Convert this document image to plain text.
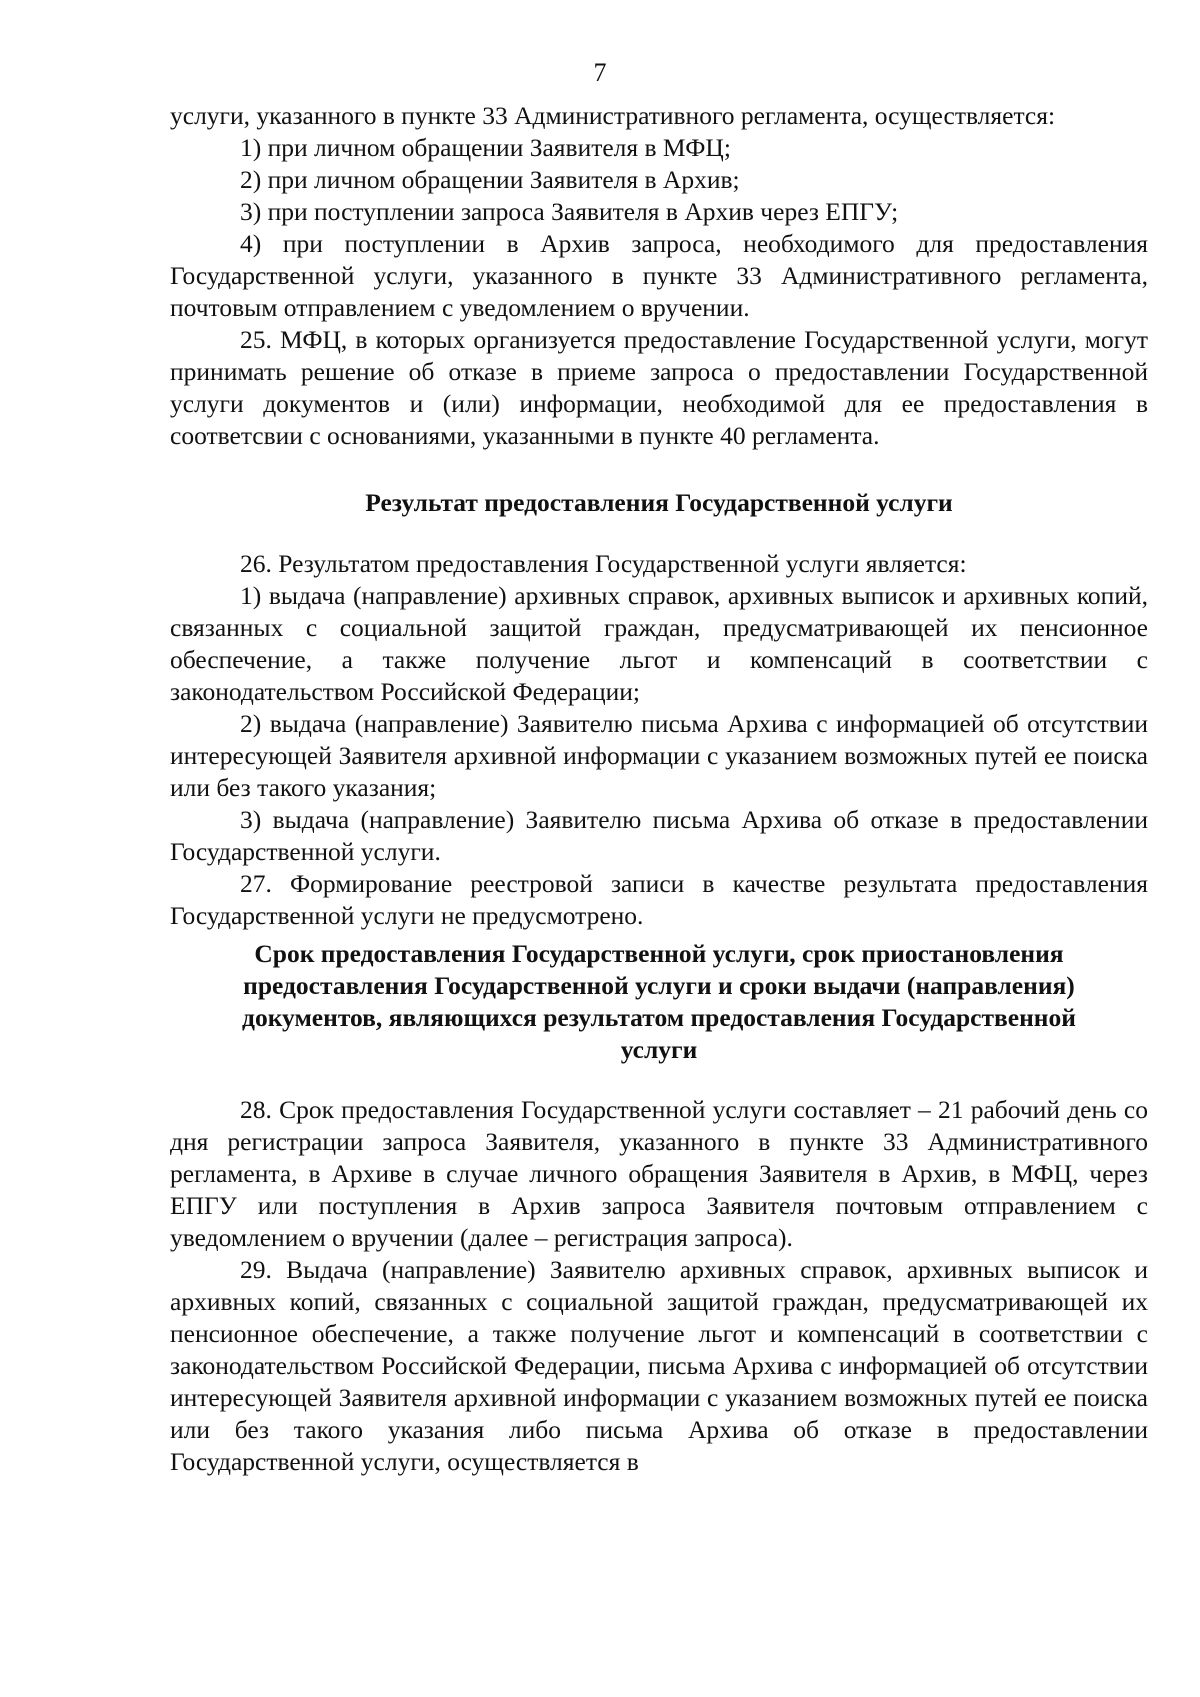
7

услуги, указанного в пункте 33 Административного регламента, осуществляется:

1) при личном обращении Заявителя в МФЦ;

2) при личном обращении Заявителя в Архив;

3) при поступлении запроса Заявителя в Архив через ЕПГУ;

4) при поступлении в Архив запроса, необходимого для предоставления Государственной услуги, указанного в пункте 33 Административного регламента, почтовым отправлением с уведомлением о вручении.

25. МФЦ, в которых организуется предоставление Государственной услуги, могут принимать решение об отказе в приеме запроса о предоставлении Государственной услуги документов и (или) информации, необходимой для ее предоставления в соответсвии с основаниями, указанными в пункте 40 регламента.

Результат предоставления Государственной услуги

26. Результатом предоставления Государственной услуги является:

1) выдача (направление) архивных справок, архивных выписок и архивных копий, связанных с социальной защитой граждан, предусматривающей их пенсионное обеспечение, а также получение льгот и компенсаций в соответствии с законодательством Российской Федерации;

2) выдача (направление) Заявителю письма Архива с информацией об отсутствии интересующей Заявителя архивной информации с указанием возможных путей ее поиска или без такого указания;

3) выдача (направление) Заявителю письма Архива об отказе в предоставлении Государственной услуги.

27. Формирование реестровой записи в качестве результата предоставления Государственной услуги не предусмотрено.

Срок предоставления Государственной услуги, срок приостановления
предоставления Государственной услуги и сроки выдачи (направления)
документов, являющихся результатом предоставления Государственной
услуги

28. Срок предоставления Государственной услуги составляет – 21 рабочий день со дня регистрации запроса Заявителя, указанного в пункте 33 Административного регламента, в Архиве в случае личного обращения Заявителя в Архив, в МФЦ, через ЕПГУ или поступления в Архив запроса Заявителя почтовым отправлением с уведомлением о вручении (далее – регистрация запроса).

29. Выдача (направление) Заявителю архивных справок, архивных выписок и архивных копий, связанных с социальной защитой граждан, предусматривающей их пенсионное обеспечение, а также получение льгот и компенсаций в соответствии с законодательством Российской Федерации, письма Архива с информацией об отсутствии интересующей Заявителя архивной информации с указанием возможных путей ее поиска или без такого указания либо письма Архива об отказе в предоставлении Государственной услуги, осуществляется в
